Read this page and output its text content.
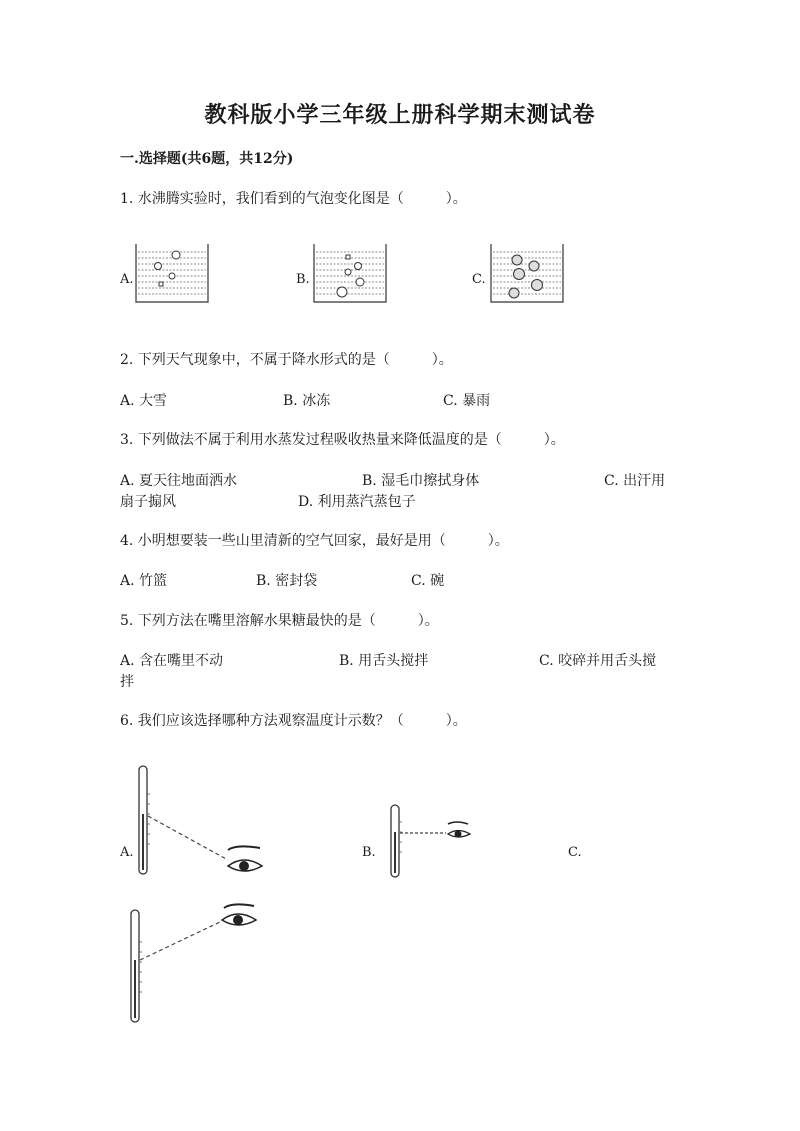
教科版小学三年级上册科学期末测试卷
一.选择题(共6题，共12分)
1. 水沸腾实验时，我们看到的气泡变化图是（　　　）。
A.	B.	C.
2. 下列天气现象中，不属于降水形式的是（　　　）。
A. 大雪	B. 冰冻	C. 暴雨
3. 下列做法不属于利用水蒸发过程吸收热量来降低温度的是（　　　）。
A. 夏天往地面洒水	B. 湿毛巾擦拭身体	C. 出汗用
扇子搧风	D. 利用蒸汽蒸包子
4. 小明想要装一些山里清新的空气回家，最好是用（　　　）。
A. 竹篮	B. 密封袋	C. 碗
5. 下列方法在嘴里溶解水果糖最快的是（　　　）。
A. 含在嘴里不动	B. 用舌头搅拌	C. 咬碎并用舌头搅
拌
6. 我们应该选择哪种方法观察温度计示数？（　　　）。
A.	B.	C.
